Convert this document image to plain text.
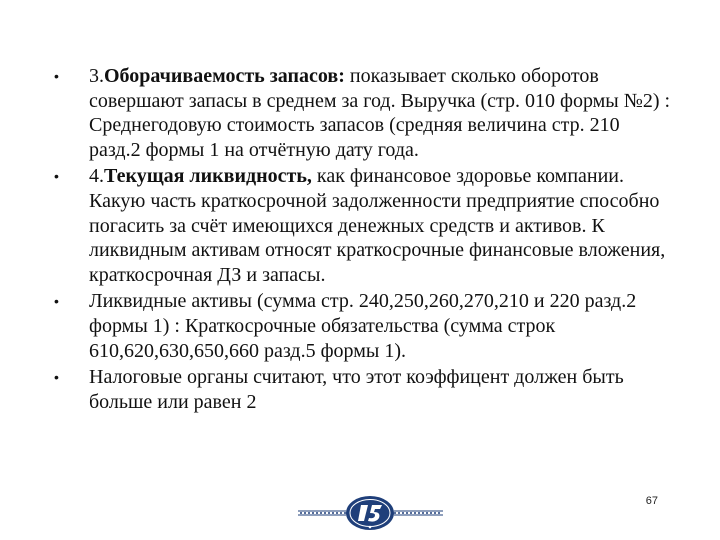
• 3.Оборачиваемость запасов: показывает сколько оборотов совершают запасы в среднем за год. Выручка (стр. 010 формы №2) : Среднегодовую стоимость запасов (средняя величина стр. 210 разд.2 формы 1 на отчётную дату года.
• 4.Текущая ликвидность, как финансовое здоровье компании. Какую часть краткосрочной задолженности предприятие способно погасить за счёт имеющихся денежных средств и активов. К ликвидным активам относят краткосрочные финансовые вложения, краткосрочная ДЗ и запасы.
• Ликвидные активы (сумма стр. 240,250,260,270,210 и 220 разд.2 формы 1) : Краткосрочные обязательства (сумма строк 610,620,630,650,660 разд.5 формы 1).
• Налоговые органы считают, что этот коэффицент должен быть больше или равен 2
67
